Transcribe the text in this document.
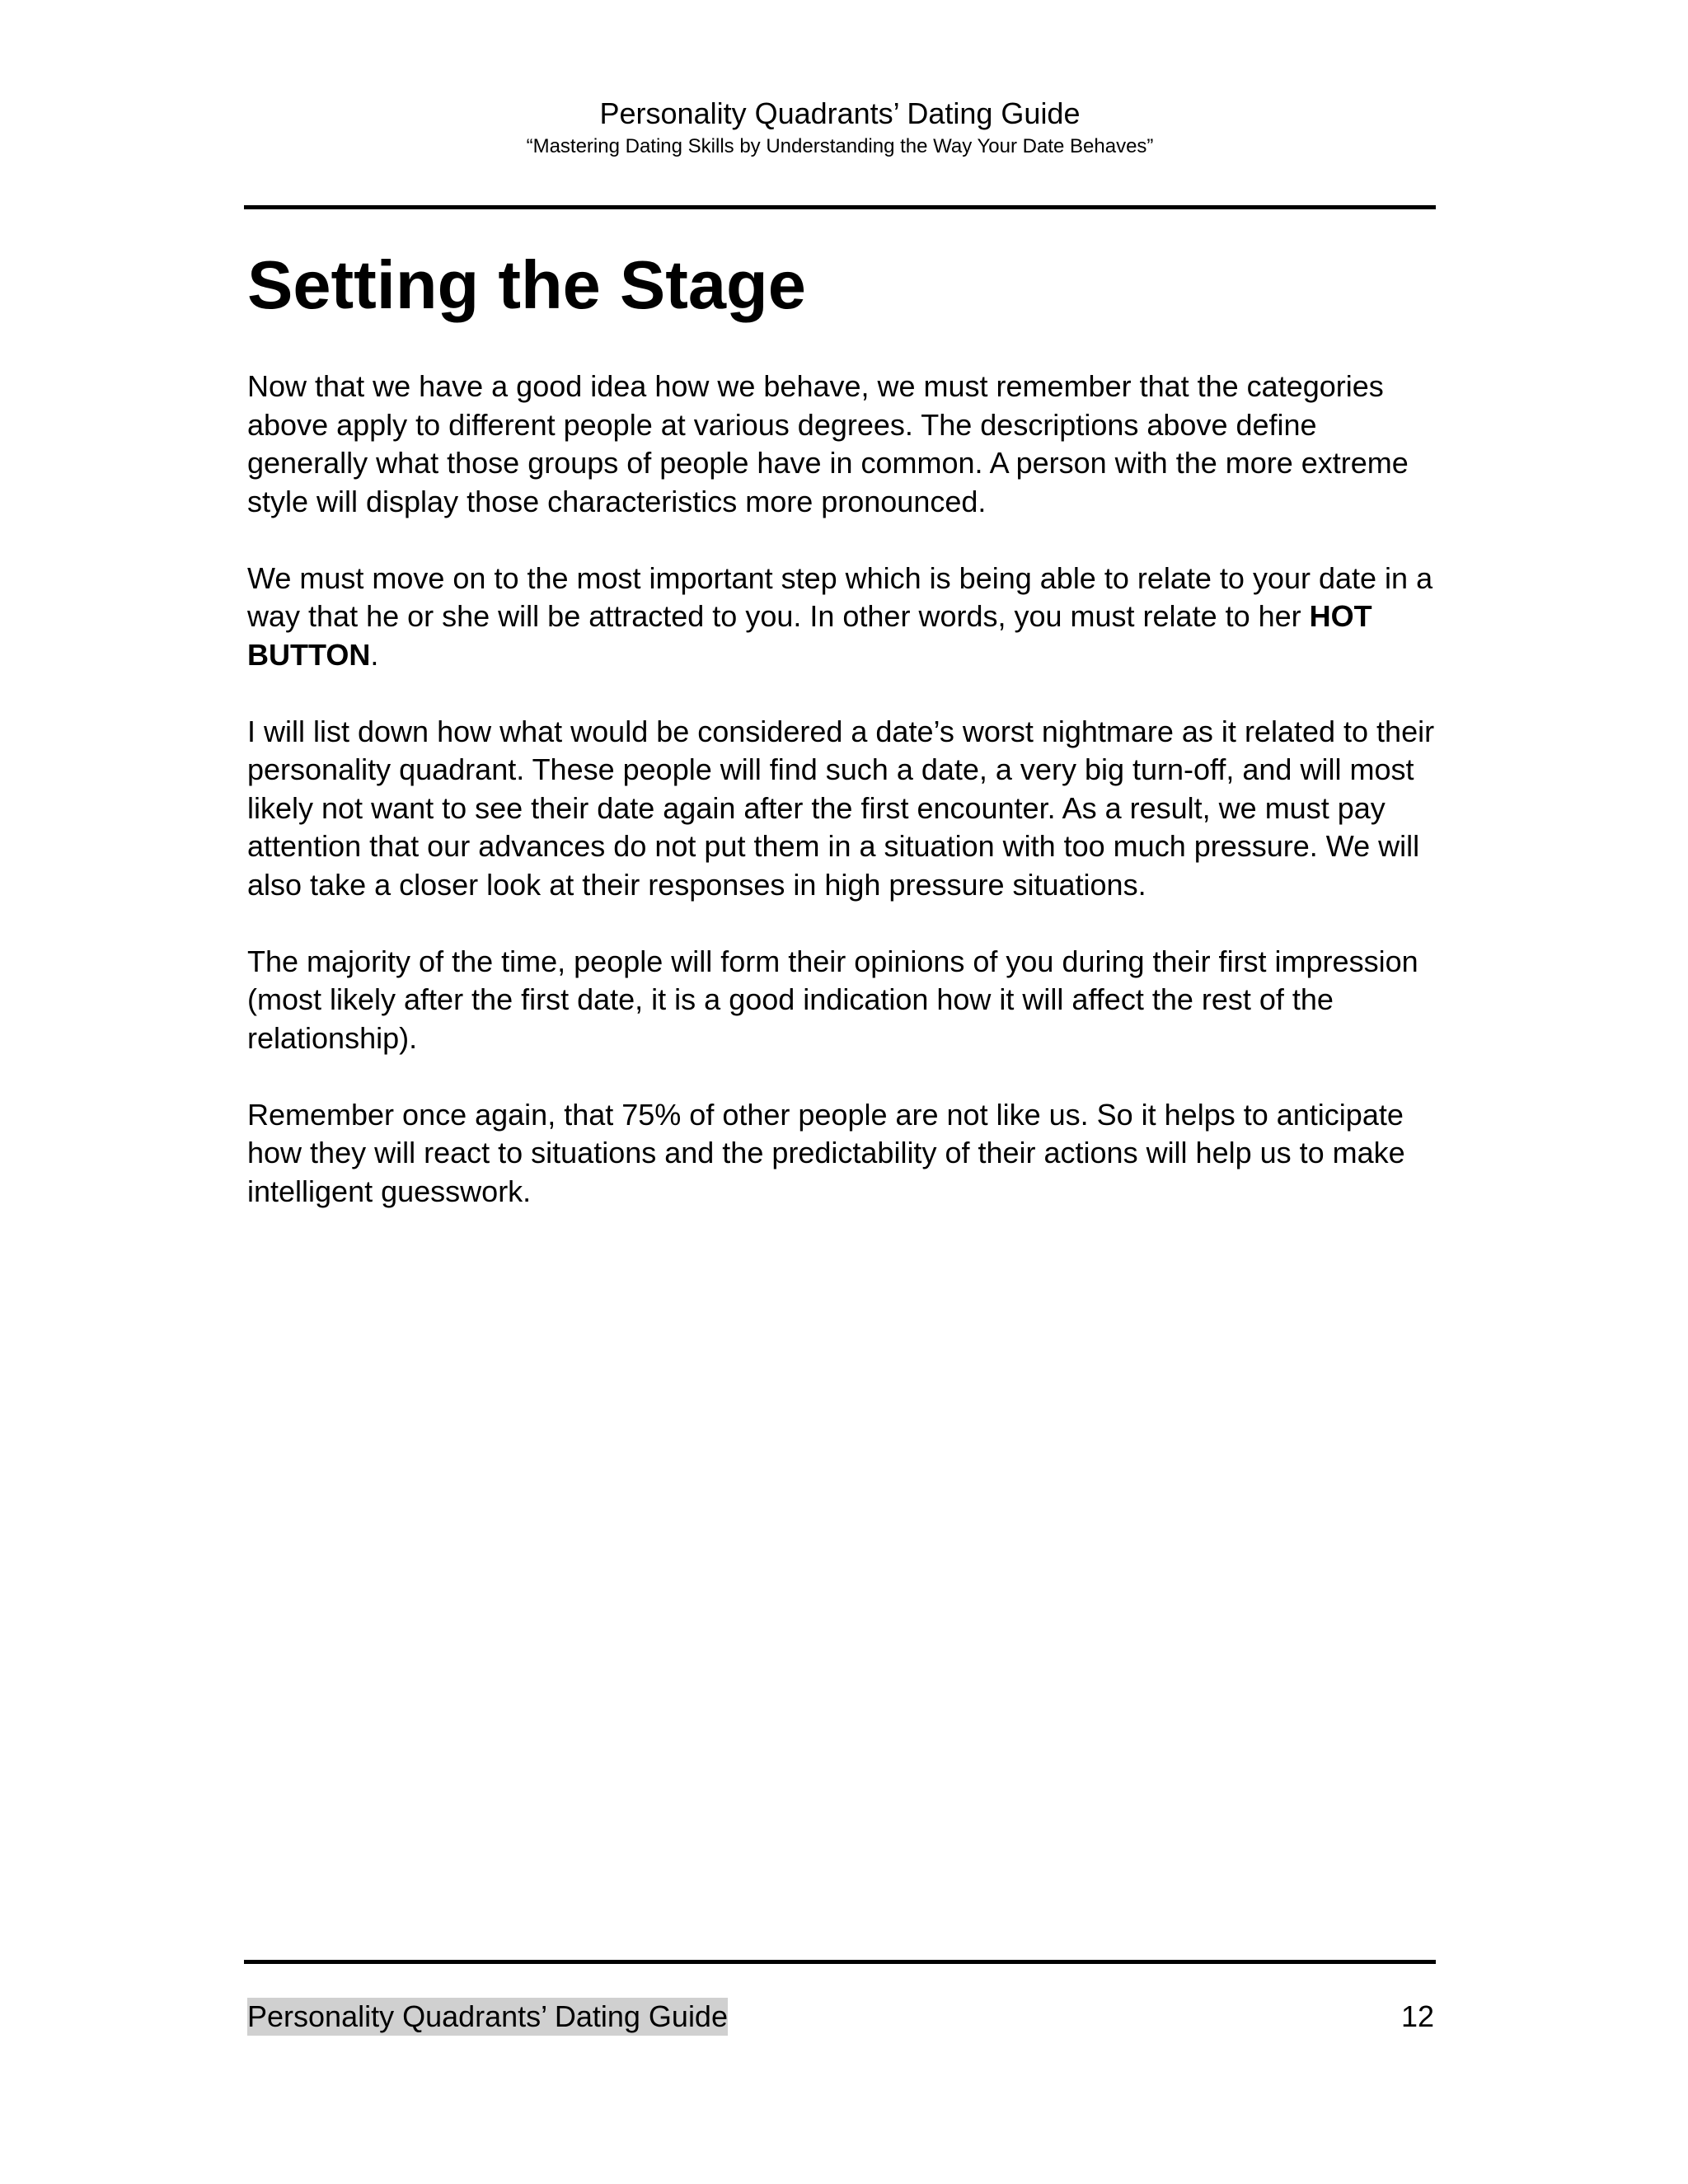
Personality Quadrants’ Dating Guide
“Mastering Dating Skills by Understanding the Way Your Date Behaves”
Setting the Stage

Now that we have a good idea how we behave, we must remember that the categories above apply to different people at various degrees. The descriptions above define generally what those groups of people have in common. A person with the more extreme style will display those characteristics more pronounced.

We must move on to the most important step which is being able to relate to your date in a way that he or she will be attracted to you. In other words, you must relate to her HOT BUTTON.

I will list down how what would be considered a date’s worst nightmare as it related to their personality quadrant. These people will find such a date, a very big turn-off, and will most likely not want to see their date again after the first encounter. As a result, we must pay attention that our advances do not put them in a situation with too much pressure. We will also take a closer look at their responses in high pressure situations.

The majority of the time, people will form their opinions of you during their first impression (most likely after the first date, it is a good indication how it will affect the rest of the relationship).

Remember once again, that 75% of other people are not like us. So it helps to anticipate how they will react to situations and the predictability of their actions will help us to make intelligent guesswork.

Personality Quadrants’ Dating Guide	12
